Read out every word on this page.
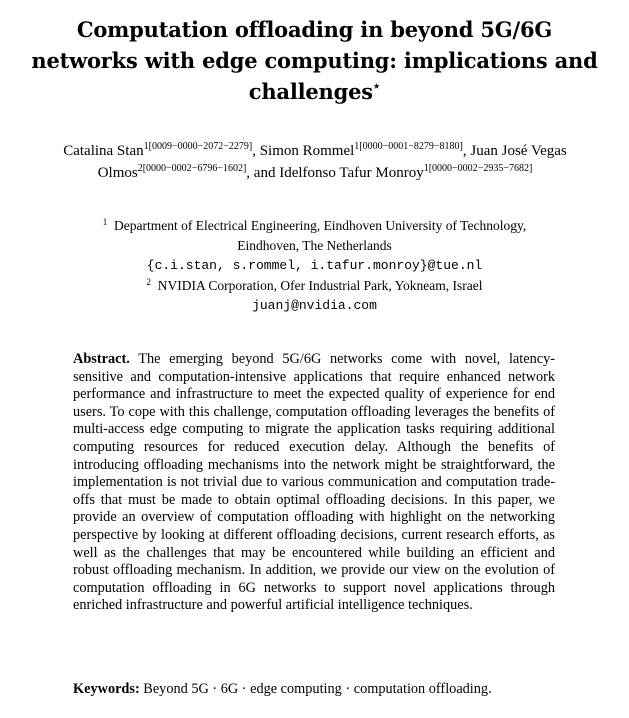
Computation offloading in beyond 5G/6G
networks with edge computing: implications and
challenges⋆
Catalina Stan$^{1[0009-0000-2072-2279]}$, Simon Rommel$^{1[0000-0001-8279-8180]}$, Juan José Vegas Olmos$^{2[0000-0002-6796-1602]}$, and Idelfonso Tafur Monroy$^{1[0000-0002-2935-7682]}$
$^1$ Department of Electrical Engineering, Eindhoven University of Technology,
Eindhoven, The Netherlands
{c.i.stan, s.rommel, i.tafur.monroy}@tue.nl
$^2$ NVIDIA Corporation, Ofer Industrial Park, Yokneam, Israel
juanj@nvidia.com
Abstract. The emerging beyond 5G/6G networks come with novel, latency-sensitive and computation-intensive applications that require enhanced network performance and infrastructure to meet the expected quality of experience for end users. To cope with this challenge, computation offloading leverages the benefits of multi-access edge computing to migrate the application tasks requiring additional computing resources for reduced execution delay. Although the benefits of introducing offloading mechanisms into the network might be straightforward, the implementation is not trivial due to various communication and computation trade-offs that must be made to obtain optimal offloading decisions. In this paper, we provide an overview of computation offloading with highlight on the networking perspective by looking at different offloading decisions, current research efforts, as well as the challenges that may be encountered while building an efficient and robust offloading mechanism. In addition, we provide our view on the evolution of computation offloading in 6G networks to support novel applications through enriched infrastructure and powerful artificial intelligence techniques.
Keywords: Beyond 5G · 6G · edge computing · computation offloading.
